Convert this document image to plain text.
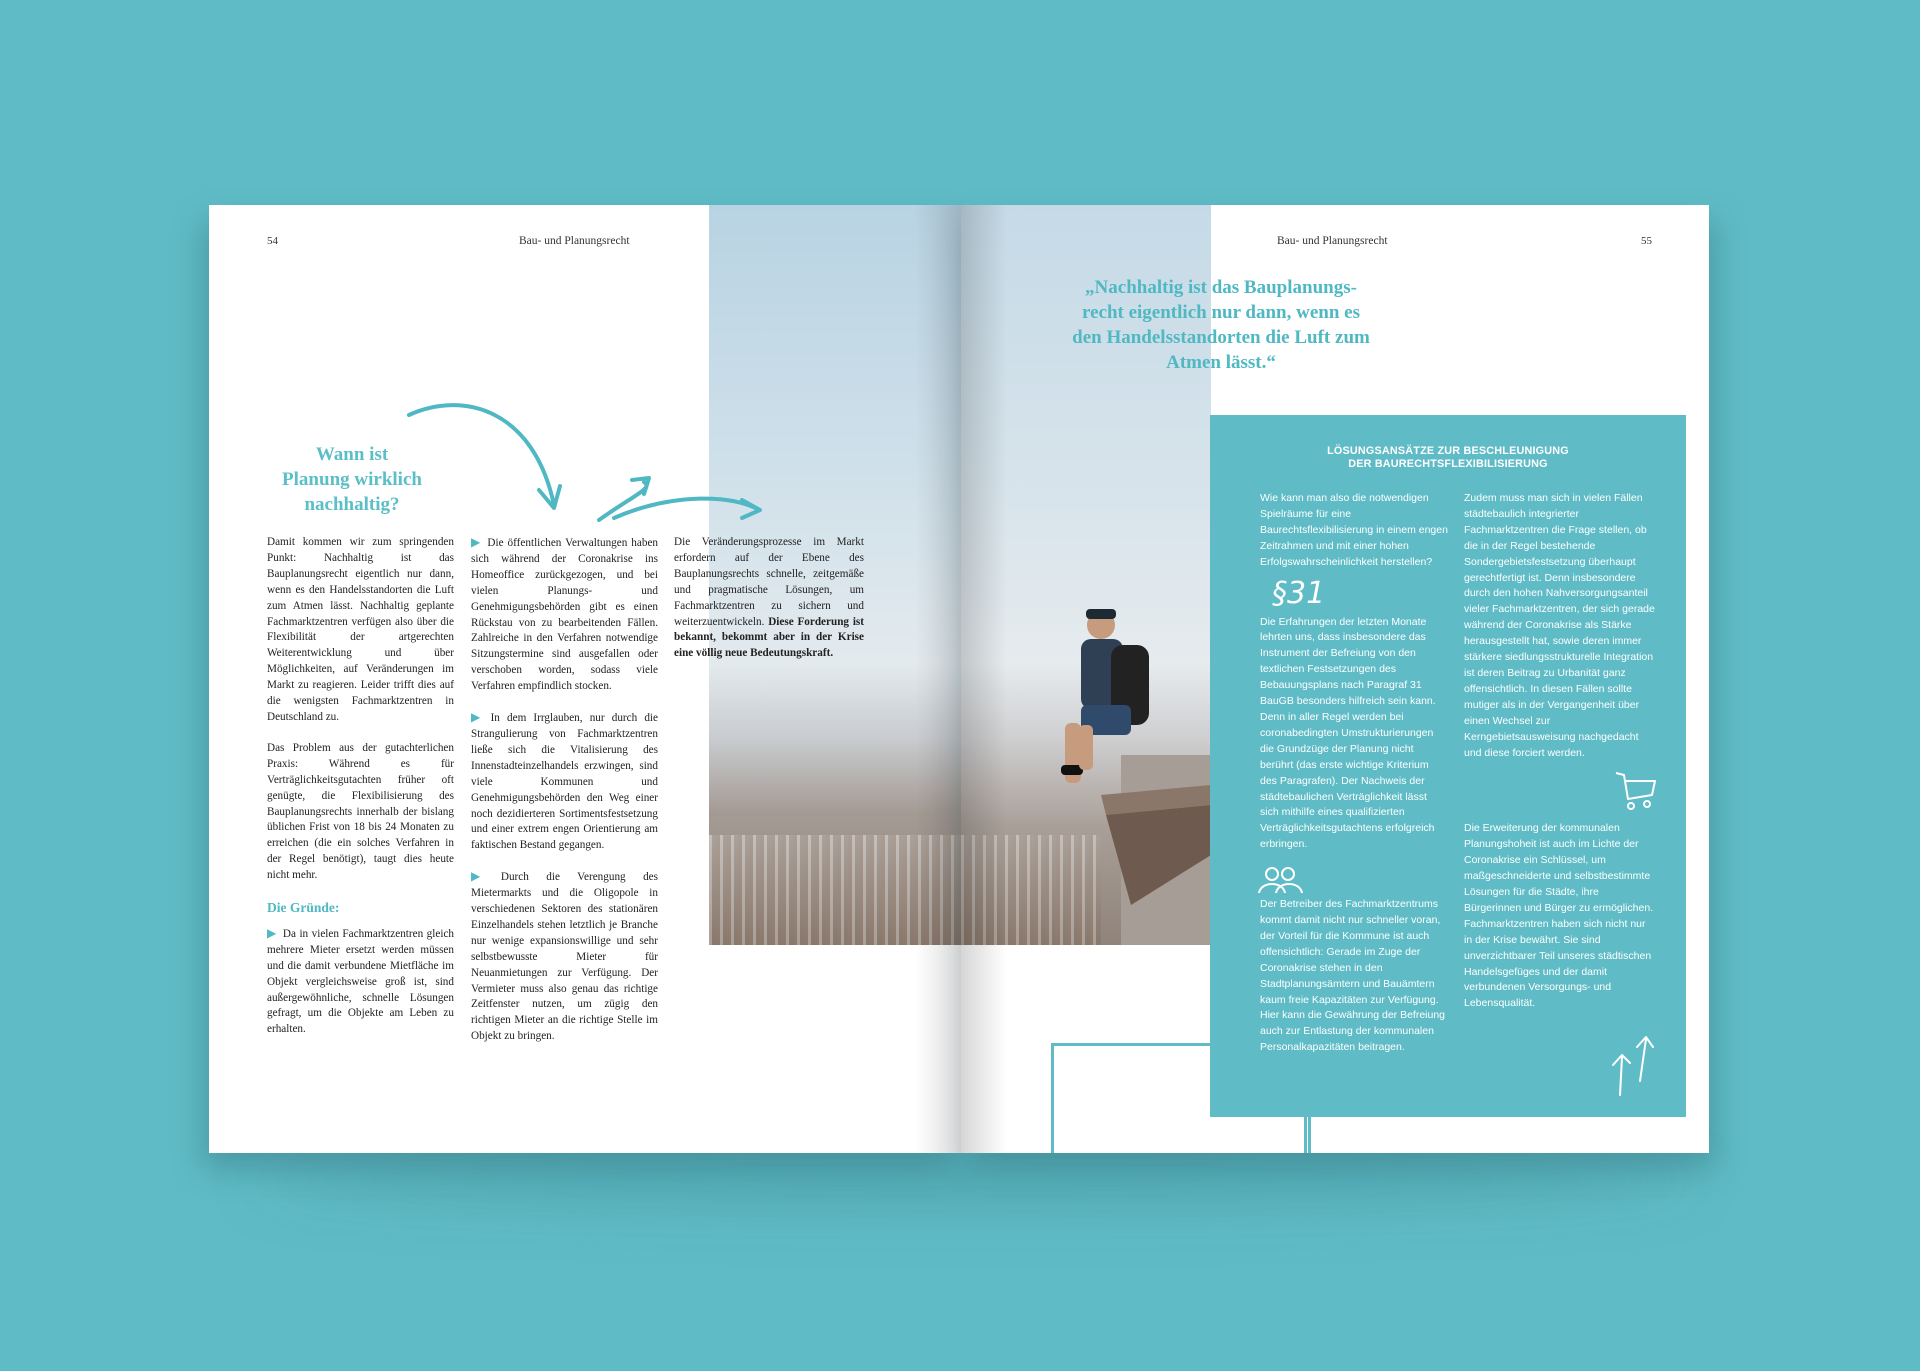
54	Bau- und Planungsrecht
Wann ist
Planung wirklich
nachhaltig?

Damit kommen wir zum springenden Punkt: Nachhaltig ist das Bauplanungsrecht eigentlich nur dann, wenn es den Handelsstandorten die Luft zum Atmen lässt. Nachhaltig geplante Fachmarktzentren verfügen also über die Flexibilität der artgerechten Weiterentwicklung und über Möglichkeiten, auf Veränderungen im Markt zu reagieren. Leider trifft dies auf die wenigsten Fachmarktzentren in Deutschland zu.

Das Problem aus der gutachterlichen Praxis: Während es für Verträglichkeitsgutachten früher oft genügte, die Flexibilisierung des Bauplanungsrechts innerhalb der bislang üblichen Frist von 18 bis 24 Monaten zu erreichen (die ein solches Verfahren in der Regel benötigt), taugt dies heute nicht mehr.

Die Gründe:

▶ Da in vielen Fachmarktzentren gleich mehrere Mieter ersetzt werden müssen und die damit verbundene Mietfläche im Objekt vergleichsweise groß ist, sind außergewöhnliche, schnelle Lösungen gefragt, um die Objekte am Leben zu erhalten.

▶ Die öffentlichen Verwaltungen haben sich während der Coronakrise ins Homeoffice zurückgezogen, und bei vielen Planungs- und Genehmigungsbehörden gibt es einen Rückstau von zu bearbeitenden Fällen. Zahlreiche in den Verfahren notwendige Sitzungstermine sind ausgefallen oder verschoben worden, sodass viele Verfahren empfindlich stocken.

▶ In dem Irrglauben, nur durch die Strangulierung von Fachmarktzentren ließe sich die Vitalisierung des Innenstadteinzelhandels erzwingen, sind viele Kommunen und Genehmigungsbehörden den Weg einer noch dezidierteren Sortimentsfestsetzung und einer extrem engen Orientierung am faktischen Bestand gegangen.

▶ Durch die Verengung des Mietermarkts und die Oligopole in verschiedenen Sektoren des stationären Einzelhandels stehen letztlich je Branche nur wenige expansionswillige und sehr selbstbewusste Mieter für Neuanmietungen zur Verfügung. Der Vermieter muss also genau das richtige Zeitfenster nutzen, um zügig den richtigen Mieter an die richtige Stelle im Objekt zu bringen.

Die Veränderungsprozesse im Markt erfordern auf der Ebene des Bauplanungsrechts schnelle, zeitgemäße und pragmatische Lösungen, um Fachmarktzentren zu sichern und weiterzuentwickeln. Diese Forderung ist bekannt, bekommt aber in der Krise eine völlig neue Bedeutungskraft.

Bau- und Planungsrecht	55
„Nachhaltig ist das Bauplanungs-
recht eigentlich nur dann, wenn es
den Handelsstandorten die Luft zum
Atmen lässt.“
LÖSUNGSANSÄTZE ZUR BESCHLEUNIGUNG
DER BAURECHTSFLEXIBILISIERUNG

Wie kann man also die notwendigen Spielräume für eine Baurechtsflexibilisierung in einem engen Zeitrahmen und mit einer hohen Erfolgswahrscheinlichkeit herstellen?

§31

Die Erfahrungen der letzten Monate lehrten uns, dass insbesondere das Instrument der Befreiung von den textlichen Festsetzungen des Bebauungsplans nach Paragraf 31 BauGB besonders hilfreich sein kann. Denn in aller Regel werden bei coronabedingten Umstrukturierungen die Grundzüge der Planung nicht berührt (das erste wichtige Kriterium des Paragrafen). Der Nachweis der städtebaulichen Verträglichkeit lässt sich mithilfe eines qualifizierten Verträglichkeitsgutachtens erfolgreich erbringen.

Der Betreiber des Fachmarktzentrums kommt damit nicht nur schneller voran, der Vorteil für die Kommune ist auch offensichtlich: Gerade im Zuge der Coronakrise stehen in den Stadtplanungsämtern und Bauämtern kaum freie Kapazitäten zur Verfügung. Hier kann die Gewährung der Befreiung auch zur Entlastung der kommunalen Personalkapazitäten beitragen.

Zudem muss man sich in vielen Fällen städtebaulich integrierter Fachmarktzentren die Frage stellen, ob die in der Regel bestehende Sondergebietsfestsetzung überhaupt gerechtfertigt ist. Denn insbesondere durch den hohen Nahversorgungsanteil vieler Fachmarktzentren, der sich gerade während der Coronakrise als Stärke herausgestellt hat, sowie deren immer stärkere siedlungsstrukturelle Integration ist deren Beitrag zu Urbanität ganz offensichtlich. In diesen Fällen sollte mutiger als in der Vergangenheit über einen Wechsel zur Kerngebietsausweisung nachgedacht und diese forciert werden.

Die Erweiterung der kommunalen Planungshoheit ist auch im Lichte der Coronakrise ein Schlüssel, um maßgeschneiderte und selbstbestimmte Lösungen für die Städte, ihre Bürgerinnen und Bürger zu ermöglichen. Fachmarktzentren haben sich nicht nur in der Krise bewährt. Sie sind unverzichtbarer Teil unseres städtischen Handelsgefüges und der damit verbundenen Versorgungs- und Lebensqualität.
